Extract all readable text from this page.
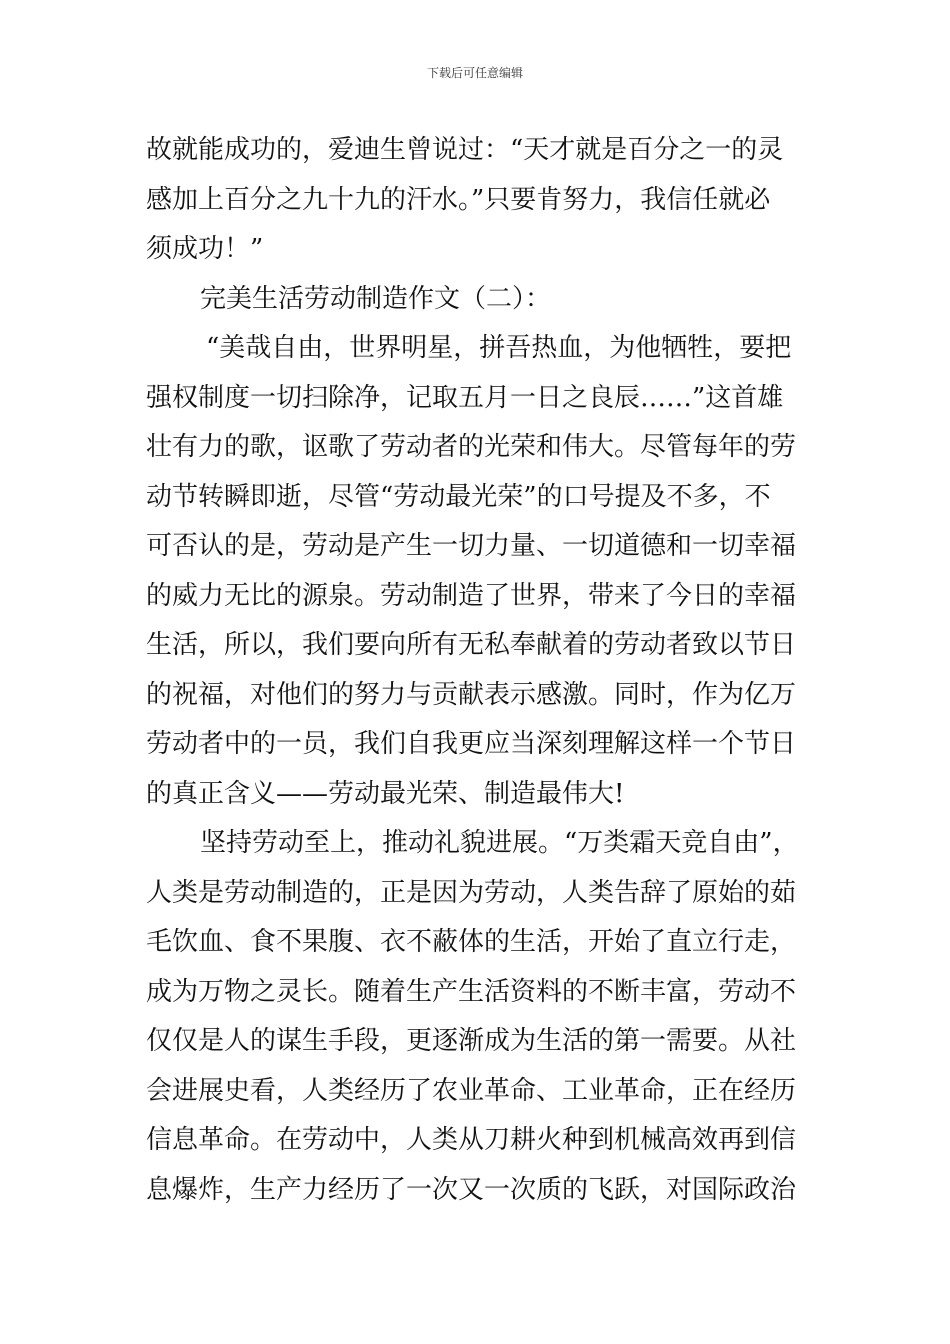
下载后可任意编辑
故就能成功的，爱迪生曾说过：“天才就是百分之一的灵
感加上百分之九十九的汗水。”只要肯努力，我信任就必
须成功！”
完美生活劳动制造作文（二）：
“美哉自由，世界明星，拼吾热血，为他牺牲，要把
强权制度一切扫除净，记取五月一日之良辰……”这首雄
壮有力的歌，讴歌了劳动者的光荣和伟大。尽管每年的劳
动节转瞬即逝，尽管“劳动最光荣”的口号提及不多，不
可否认的是，劳动是产生一切力量、一切道德和一切幸福
的威力无比的源泉。劳动制造了世界，带来了今日的幸福
生活，所以，我们要向所有无私奉献着的劳动者致以节日
的祝福，对他们的努力与贡献表示感激。同时，作为亿万
劳动者中的一员，我们自我更应当深刻理解这样一个节日
的真正含义——劳动最光荣、制造最伟大!
坚持劳动至上，推动礼貌进展。“万类霜天竞自由”，
人类是劳动制造的，正是因为劳动，人类告辞了原始的茹
毛饮血、食不果腹、衣不蔽体的生活，开始了直立行走，
成为万物之灵长。随着生产生活资料的不断丰富，劳动不
仅仅是人的谋生手段，更逐渐成为生活的第一需要。从社
会进展史看，人类经历了农业革命、工业革命，正在经历
信息革命。在劳动中，人类从刀耕火种到机械高效再到信
息爆炸，生产力经历了一次又一次质的飞跃，对国际政治
